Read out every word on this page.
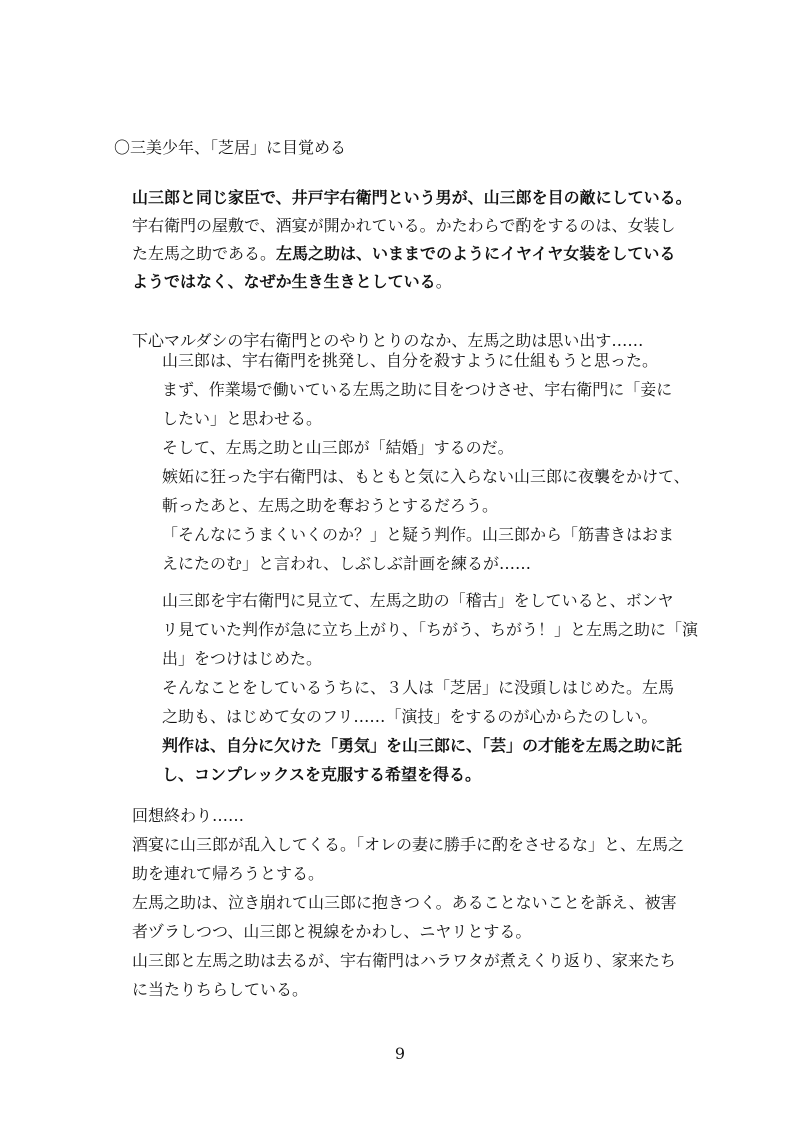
〇三美少年、「芝居」に目覚める
山三郎と同じ家臣で、井戸宇右衛門という男が、山三郎を目の敵にしている。
宇右衛門の屋敷で、酒宴が開かれている。かたわらで酌をするのは、女装し
た左馬之助である。左馬之助は、いままでのようにイヤイヤ女装をしている
ようではなく、なぜか生き生きとしている。
下心マルダシの宇右衛門とのやりとりのなか、左馬之助は思い出す……
山三郎は、宇右衛門を挑発し、自分を殺すように仕組もうと思った。
まず、作業場で働いている左馬之助に目をつけさせ、宇右衛門に「妾に
したい」と思わせる。
そして、左馬之助と山三郎が「結婚」するのだ。
嫉妬に狂った宇右衛門は、もともと気に入らない山三郎に夜襲をかけて、
斬ったあと、左馬之助を奪おうとするだろう。
「そんなにうまくいくのか？」と疑う判作。山三郎から「筋書きはおま
えにたのむ」と言われ、しぶしぶ計画を練るが……
山三郎を宇右衛門に見立て、左馬之助の「稽古」をしていると、ボンヤ
リ見ていた判作が急に立ち上がり、「ちがう、ちがう！」と左馬之助に「演
出」をつけはじめた。
そんなことをしているうちに、３人は「芝居」に没頭しはじめた。左馬
之助も、はじめて女のフリ……「演技」をするのが心からたのしい。
判作は、自分に欠けた「勇気」を山三郎に、「芸」の才能を左馬之助に託
し、コンプレックスを克服する希望を得る。
回想終わり……
酒宴に山三郎が乱入してくる。「オレの妻に勝手に酌をさせるな」と、左馬之
助を連れて帰ろうとする。
左馬之助は、泣き崩れて山三郎に抱きつく。あることないことを訴え、被害
者ヅラしつつ、山三郎と視線をかわし、ニヤリとする。
山三郎と左馬之助は去るが、宇右衛門はハラワタが煮えくり返り、家来たち
に当たりちらしている。
9
